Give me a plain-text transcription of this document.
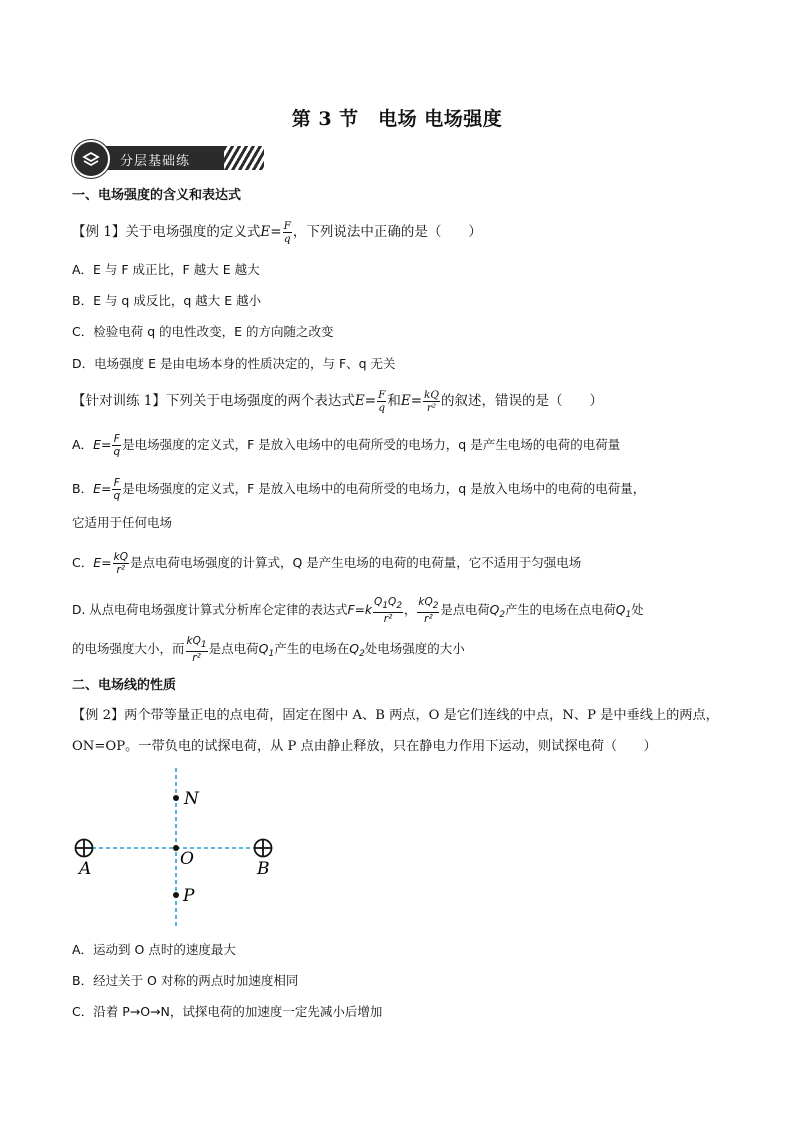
第 3 节　电场 电场强度
分层基础练
一、电场强度的含义和表达式
【例 1】关于电场强度的定义式$E= \frac{F}{q}$ ，下列说法中正确的是（　　）
A．E 与 F 成正比，F 越大 E 越大
B．E 与 q 成反比，q 越大 E 越小
C．检验电荷 q 的电性改变，E 的方向随之改变
D．电场强度 E 是由电场本身的性质决定的，与 F、q 无关
【针对训练 1】下列关于电场强度的两个表达式$E= \frac{F}{q}$ 和$E= \frac{kQ}{\text{r²}}$ 的叙述，错误的是（　　）
A．$E= \frac{F}{q}$ 是电场强度的定义式，F 是放入电场中的电荷所受的电场力，q 是产生电场的电荷的电荷量
B．$E= \frac{F}{q}$ 是电场强度的定义式，F 是放入电场中的电荷所受的电场力，q 是放入电场中的电荷的电荷量，
它适用于任何电场
C．$E= \frac{kQ}{\text{r²}}$ 是点电荷电场强度的计算式，Q 是产生电场的电荷的电荷量，它不适用于匀强电场
D. 从点电荷电场强度计算式分析库仑定律的表达式$F=k \frac{Q1Q2}{\text{r²}}$ ， $\frac{kQ2}{\text{r²}}$ 是点电荷$Q_2$产生的电场在点电荷$Q_1$处
的电场强度大小，而 $\frac{kQ1}{\text{r²}}$ 是点电荷$Q_1$产生的电场在$Q_2$处电场强度的大小
二、电场线的性质
【例 2】两个带等量正电的点电荷，固定在图中 A、B 两点，O 是它们连线的中点，N、P 是中垂线上的两点，
ON=OP。一带负电的试探电荷，从 P 点由静止释放，只在静电力作用下运动，则试探电荷（　　）
N
O
P
A	B
A．运动到 O 点时的速度最大
B．经过关于 O 对称的两点时加速度相同
C．沿着 P→O→N，试探电荷的加速度一定先减小后增加
